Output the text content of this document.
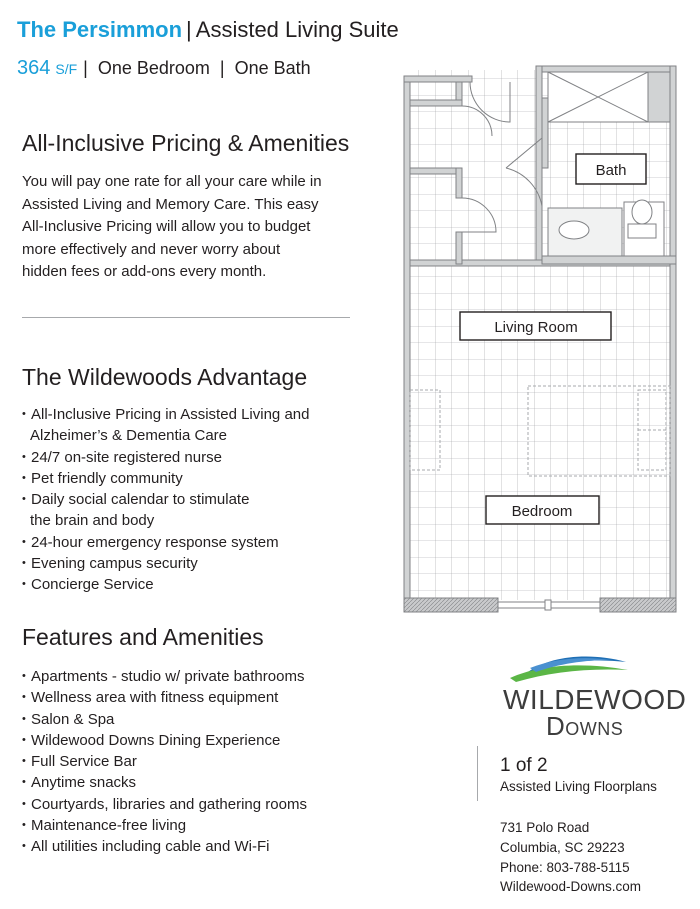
The Persimmon | Assisted Living Suite
364 S/F |  One Bedroom  |  One Bath
All-Inclusive Pricing & Amenities
You will pay one rate for all your care while in
Assisted Living and Memory Care. This easy
All-Inclusive Pricing will allow you to budget
more effectively and never worry about
hidden fees or add-ons every month.
The Wildewoods Advantage
• All-Inclusive Pricing in Assisted Living and
Alzheimer’s & Dementia Care
• 24/7 on-site registered nurse
• Pet friendly community
• Daily social calendar to stimulate
the brain and body
• 24-hour emergency response system
• Evening campus security
• Concierge Service
Features and Amenities
• Apartments - studio w/ private bathrooms
• Wellness area with fitness equipment
• Salon & Spa
• Wildewood Downs Dining Experience
• Full Service Bar
• Anytime snacks
• Courtyards, libraries and gathering rooms
• Maintenance-free living
• All utilities including cable and Wi-Fi
Bath
Living Room
Bedroom
WILDEWOOD
Downs
1 of 2
Assisted Living Floorplans
731 Polo Road
Columbia, SC 29223
Phone: 803-788-5115
Wildewood-Downs.com
